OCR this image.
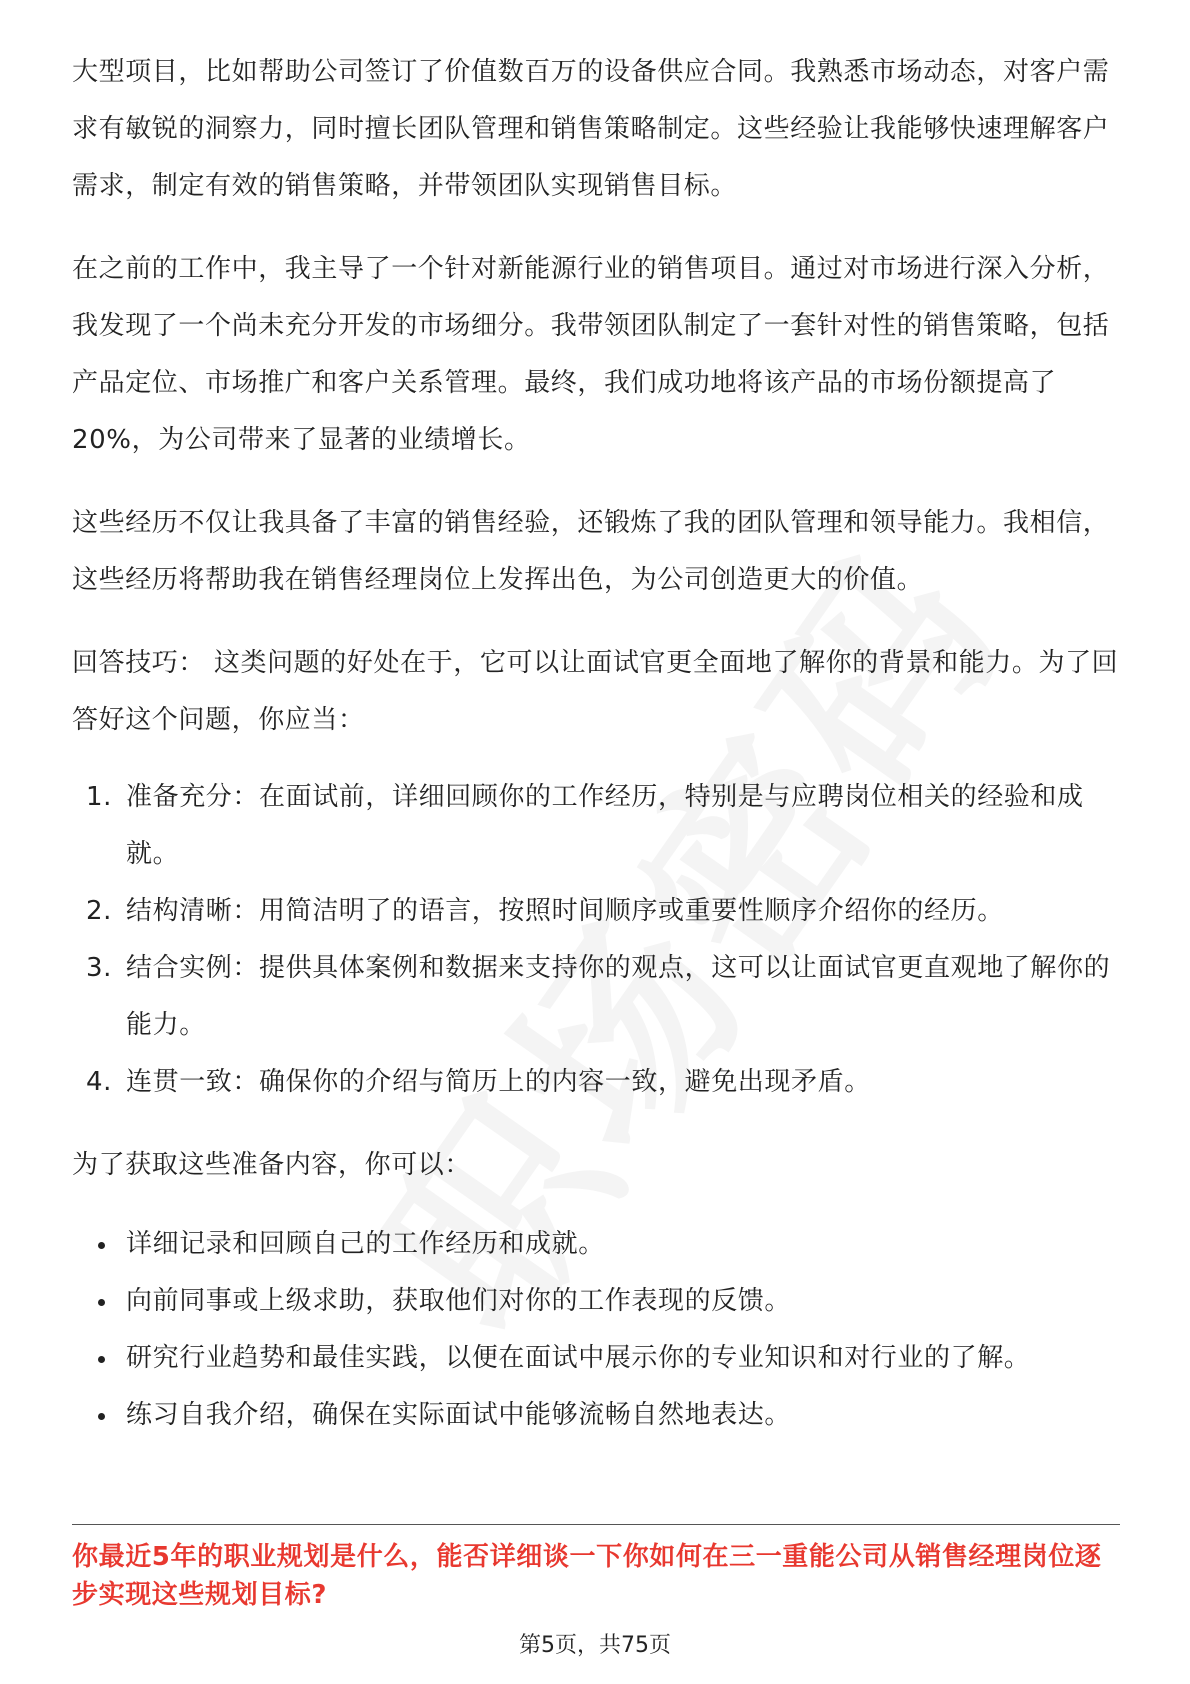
大型项目，比如帮助公司签订了价值数百万的设备供应合同。我熟悉市场动态，对客户需求有敏锐的洞察力，同时擅长团队管理和销售策略制定。这些经验让我能够快速理解客户需求，制定有效的销售策略，并带领团队实现销售目标。

在之前的工作中，我主导了一个针对新能源行业的销售项目。通过对市场进行深入分析，我发现了一个尚未充分开发的市场细分。我带领团队制定了一套针对性的销售策略，包括产品定位、市场推广和客户关系管理。最终，我们成功地将该产品的市场份额提高了20%，为公司带来了显著的业绩增长。

这些经历不仅让我具备了丰富的销售经验，还锻炼了我的团队管理和领导能力。我相信，这些经历将帮助我在销售经理岗位上发挥出色，为公司创造更大的价值。

回答技巧： 这类问题的好处在于，它可以让面试官更全面地了解你的背景和能力。为了回答好这个问题，你应当：

1. 准备充分：在面试前，详细回顾你的工作经历，特别是与应聘岗位相关的经验和成就。
2. 结构清晰：用简洁明了的语言，按照时间顺序或重要性顺序介绍你的经历。
3. 结合实例：提供具体案例和数据来支持你的观点，这可以让面试官更直观地了解你的能力。
4. 连贯一致：确保你的介绍与简历上的内容一致，避免出现矛盾。

为了获取这些准备内容，你可以：

详细记录和回顾自己的工作经历和成就。
向前同事或上级求助，获取他们对你的工作表现的反馈。
研究行业趋势和最佳实践，以便在面试中展示你的专业知识和对行业的了解。
练习自我介绍，确保在实际面试中能够流畅自然地表达。
你最近5年的职业规划是什么，能否详细谈一下你如何在三一重能公司从销售经理岗位逐步实现这些规划目标?
第5页，共75页
